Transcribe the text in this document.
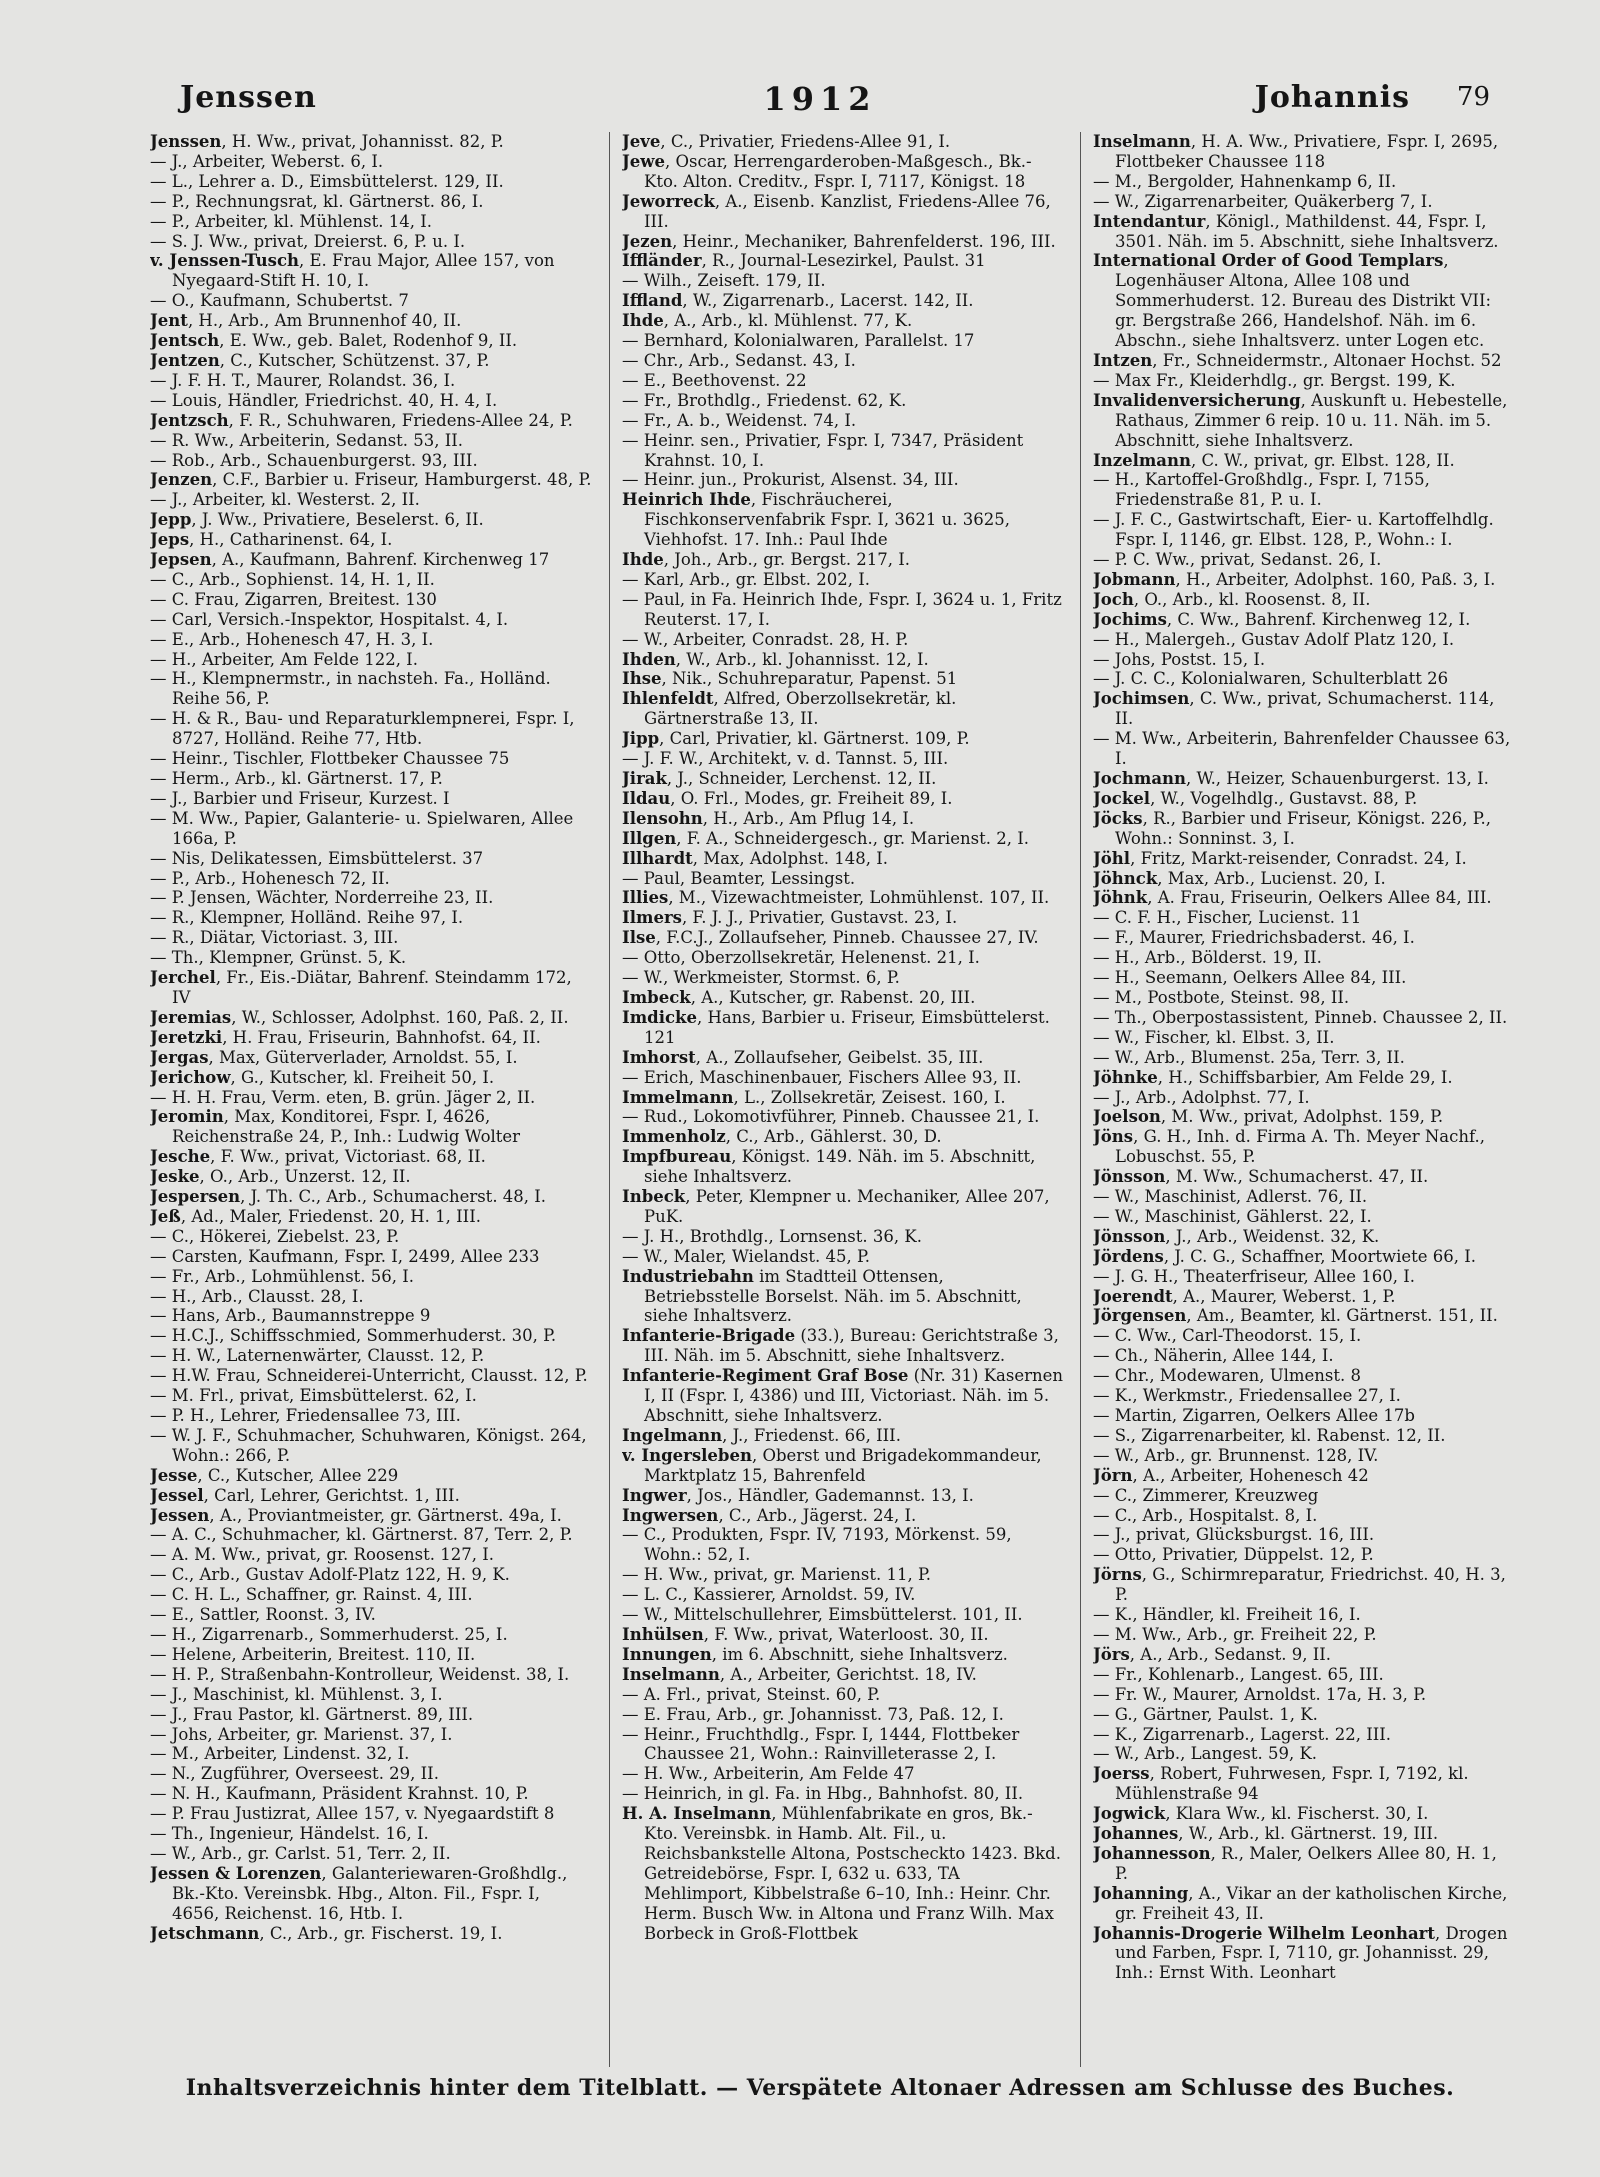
Jenssen	1912	Johannis 79
Jenssen, H. Ww., privat, Johannisst. 82, P.
— J., Arbeiter, Weberst. 6, I.
— L., Lehrer a. D., Eimsbüttelerst. 129, II.
— P., Rechnungsrat, kl. Gärtnerst. 86, I.
— P., Arbeiter, kl. Mühlenst. 14, I.
— S. J. Ww., privat, Dreierst. 6, P. u. I.
v. Jenssen-Tusch, E. Frau Major, Allee 157, von Nyegaard-Stift H. 10, I.
— O., Kaufmann, Schubertst. 7
Jent, H., Arb., Am Brunnenhof 40, II.
Jentsch, E. Ww., geb. Balet, Rodenhof 9, II.
Jentzen, C., Kutscher, Schützenst. 37, P.
— J. F. H. T., Maurer, Rolandst. 36, I.
— Louis, Händler, Friedrichst. 40, H. 4, I.
Jentzsch, F. R., Schuhwaren, Friedens-Allee 24, P.
— R. Ww., Arbeiterin, Sedanst. 53, II.
— Rob., Arb., Schauenburgerst. 93, III.
Jenzen, C.F., Barbier u. Friseur, Hamburgerst. 48, P.
— J., Arbeiter, kl. Westerst. 2, II.
Jepp, J. Ww., Privatiere, Beselerst. 6, II.
Jeps, H., Catharinenst. 64, I.
Jepsen, A., Kaufmann, Bahrenf. Kirchenweg 17
— C., Arb., Sophienst. 14, H. 1, II.
— C. Frau, Zigarren, Breitest. 130
— Carl, Versich.-Inspektor, Hospitalst. 4, I.
— E., Arb., Hohenesch 47, H. 3, I.
— H., Arbeiter, Am Felde 122, I.
— H., Klempnermstr., in nachsteh. Fa., Holländ. Reihe 56, P.
— H. & R., Bau- und Reparaturklempnerei, Fspr. I, 8727, Holländ. Reihe 77, Htb.
— Heinr., Tischler, Flottbeker Chaussee 75
— Herm., Arb., kl. Gärtnerst. 17, P.
— J., Barbier und Friseur, Kurzest. I
— M. Ww., Papier, Galanterie- u. Spielwaren, Allee 166a, P.
— Nis, Delikatessen, Eimsbüttelerst. 37
— P., Arb., Hohenesch 72, II.
— P. Jensen, Wächter, Norderreihe 23, II.
— R., Klempner, Holländ. Reihe 97, I.
— R., Diätar, Victoriast. 3, III.
— Th., Klempner, Grünst. 5, K.
Jerchel, Fr., Eis.-Diätar, Bahrenf. Steindamm 172, IV
Jeremias, W., Schlosser, Adolphst. 160, Paß. 2, II.
Jeretzki, H. Frau, Friseurin, Bahnhofst. 64, II.
Jergas, Max, Güterverlader, Arnoldst. 55, I.
Jerichow, G., Kutscher, kl. Freiheit 50, I.
— H. H. Frau, Verm. eten, B. grün. Jäger 2, II.
Jeromin, Max, Konditorei, Fspr. I, 4626, Reichenstraße 24, P., Inh.: Ludwig Wolter
Jesche, F. Ww., privat, Victoriast. 68, II.
Jeske, O., Arb., Unzerst. 12, II.
Jespersen, J. Th. C., Arb., Schumacherst. 48, I.
Jeß, Ad., Maler, Friedenst. 20, H. 1, III.
— C., Hökerei, Ziebelst. 23, P.
— Carsten, Kaufmann, Fspr. I, 2499, Allee 233
— Fr., Arb., Lohmühlenst. 56, I.
— H., Arb., Clausst. 28, I.
— Hans, Arb., Baumannstreppe 9
— H.C.J., Schiffsschmied, Sommerhuderst. 30, P.
— H. W., Laternenwärter, Clausst. 12, P.
— H.W. Frau, Schneiderei-Unterricht, Clausst. 12, P.
— M. Frl., privat, Eimsbüttelerst. 62, I.
— P. H., Lehrer, Friedensallee 73, III.
— W. J. F., Schuhmacher, Schuhwaren, Königst. 264, Wohn.: 266, P.
Jesse, C., Kutscher, Allee 229
Jessel, Carl, Lehrer, Gerichtst. 1, III.
Jessen, A., Proviantmeister, gr. Gärtnerst. 49a, I.
— A. C., Schuhmacher, kl. Gärtnerst. 87, Terr. 2, P.
— A. M. Ww., privat, gr. Roosenst. 127, I.
— C., Arb., Gustav Adolf-Platz 122, H. 9, K.
— C. H. L., Schaffner, gr. Rainst. 4, III.
— E., Sattler, Roonst. 3, IV.
— H., Zigarrenarb., Sommerhuderst. 25, I.
— Helene, Arbeiterin, Breitest. 110, II.
— H. P., Straßenbahn-Kontrolleur, Weidenst. 38, I.
— J., Maschinist, kl. Mühlenst. 3, I.
— J., Frau Pastor, kl. Gärtnerst. 89, III.
— Johs, Arbeiter, gr. Marienst. 37, I.
— M., Arbeiter, Lindenst. 32, I.
— N., Zugführer, Overseest. 29, II.
— N. H., Kaufmann, Präsident Krahnst. 10, P.
— P. Frau Justizrat, Allee 157, v. Nyegaardstift 8
— Th., Ingenieur, Händelst. 16, I.
— W., Arb., gr. Carlst. 51, Terr. 2, II.
Jessen & Lorenzen, Galanteriewaren-Großhdlg., Bk.-Kto. Vereinsbk. Hbg., Alton. Fil., Fspr. I, 4656, Reichenst. 16, Htb. I.
Jetschmann, C., Arb., gr. Fischerst. 19, I.
Jeve, C., Privatier, Friedens-Allee 91, I.
Jewe, Oscar, Herrengarderoben-Maßgesch., Bk.-Kto. Alton. Creditv., Fspr. I, 7117, Königst. 18
Jeworreck, A., Eisenb. Kanzlist, Friedens-Allee 76, III.
Jezen, Heinr., Mechaniker, Bahrenfelderst. 196, III.
Iffländer, R., Journal-Lesezirkel, Paulst. 31
— Wilh., Zeiseft. 179, II.
Iffland, W., Zigarrenarb., Lacerst. 142, II.
Ihde, A., Arb., kl. Mühlenst. 77, K.
— Bernhard, Kolonialwaren, Parallelst. 17
— Chr., Arb., Sedanst. 43, I.
— E., Beethovenst. 22
— Fr., Brothdlg., Friedenst. 62, K.
— Fr., A. b., Weidenst. 74, I.
— Heinr. sen., Privatier, Fspr. I, 7347, Präsident Krahnst. 10, I.
— Heinr. jun., Prokurist, Alsenst. 34, III.
Heinrich Ihde, Fischräucherei, Fischkonservenfabrik Fspr. I, 3621 u. 3625, Viehhofst. 17. Inh.: Paul Ihde
Ihde, Joh., Arb., gr. Bergst. 217, I.
— Karl, Arb., gr. Elbst. 202, I.
— Paul, in Fa. Heinrich Ihde, Fspr. I, 3624 u. 1, Fritz Reuterst. 17, I.
— W., Arbeiter, Conradst. 28, H. P.
Ihden, W., Arb., kl. Johannisst. 12, I.
Ihse, Nik., Schuhreparatur, Papenst. 51
Ihlenfeldt, Alfred, Oberzollsekretär, kl. Gärtnerstraße 13, II.
Jipp, Carl, Privatier, kl. Gärtnerst. 109, P.
— J. F. W., Architekt, v. d. Tannst. 5, III.
Jirak, J., Schneider, Lerchenst. 12, II.
Ildau, O. Frl., Modes, gr. Freiheit 89, I.
Ilensohn, H., Arb., Am Pflug 14, I.
Illgen, F. A., Schneidergesch., gr. Marienst. 2, I.
Illhardt, Max, Adolphst. 148, I.
— Paul, Beamter, Lessingst.
Illies, M., Vizewachtmeister, Lohmühlenst. 107, II.
Ilmers, F. J. J., Privatier, Gustavst. 23, I.
Ilse, F.C.J., Zollaufseher, Pinneb. Chaussee 27, IV.
— Otto, Oberzollsekretär, Helenenst. 21, I.
— W., Werkmeister, Stormst. 6, P.
Imbeck, A., Kutscher, gr. Rabenst. 20, III.
Imdicke, Hans, Barbier u. Friseur, Eimsbüttelerst. 121
Imhorst, A., Zollaufseher, Geibelst. 35, III.
— Erich, Maschinenbauer, Fischers Allee 93, II.
Immelmann, L., Zollsekretär, Zeisest. 160, I.
— Rud., Lokomotivführer, Pinneb. Chaussee 21, I.
Immenholz, C., Arb., Gählerst. 30, D.
Impfbureau, Königst. 149. Näh. im 5. Abschnitt, siehe Inhaltsverz.
Inbeck, Peter, Klempner u. Mechaniker, Allee 207, PuK.
— J. H., Brothdlg., Lornsenst. 36, K.
— W., Maler, Wielandst. 45, P.
Industriebahn im Stadtteil Ottensen, Betriebsstelle Borselst. Näh. im 5. Abschnitt, siehe Inhaltsverz.
Infanterie-Brigade (33.), Bureau: Gerichtstraße 3, III. Näh. im 5. Abschnitt, siehe Inhaltsverz.
Infanterie-Regiment Graf Bose (Nr. 31) Kasernen I, II (Fspr. I, 4386) und III, Victoriast. Näh. im 5. Abschnitt, siehe Inhaltsverz.
Ingelmann, J., Friedenst. 66, III.
v. Ingersleben, Oberst und Brigadekommandeur, Marktplatz 15, Bahrenfeld
Ingwer, Jos., Händler, Gademannst. 13, I.
Ingwersen, C., Arb., Jägerst. 24, I.
— C., Produkten, Fspr. IV, 7193, Mörkenst. 59, Wohn.: 52, I.
— H. Ww., privat, gr. Marienst. 11, P.
— L. C., Kassierer, Arnoldst. 59, IV.
— W., Mittelschullehrer, Eimsbüttelerst. 101, II.
Inhülsen, F. Ww., privat, Waterloost. 30, II.
Innungen, im 6. Abschnitt, siehe Inhaltsverz.
Inselmann, A., Arbeiter, Gerichtst. 18, IV.
— A. Frl., privat, Steinst. 60, P.
— E. Frau, Arb., gr. Johannisst. 73, Paß. 12, I.
— Heinr., Fruchthdlg., Fspr. I, 1444, Flottbeker Chaussee 21, Wohn.: Rainvilleterasse 2, I.
— H. Ww., Arbeiterin, Am Felde 47
— Heinrich, in gl. Fa. in Hbg., Bahnhofst. 80, II.
H. A. Inselmann, Mühlenfabrikate en gros, Bk.-Kto. Vereinsbk. in Hamb. Alt. Fil., u. Reichsbankstelle Altona, Postscheckto 1423. Bkd. Getreidebörse, Fspr. I, 632 u. 633, TA Mehlimport, Kibbelstraße 6–10, Inh.: Heinr. Chr. Herm. Busch Ww. in Altona und Franz Wilh. Max Borbeck in Groß-Flottbek
Inselmann, H. A. Ww., Privatiere, Fspr. I, 2695, Flottbeker Chaussee 118
— M., Bergolder, Hahnenkamp 6, II.
— W., Zigarrenarbeiter, Quäkerberg 7, I.
Intendantur, Königl., Mathildenst. 44, Fspr. I, 3501. Näh. im 5. Abschnitt, siehe Inhaltsverz.
International Order of Good Templars, Logenhäuser Altona, Allee 108 und Sommerhuderst. 12. Bureau des Distrikt VII: gr. Bergstraße 266, Handelshof. Näh. im 6. Abschn., siehe Inhaltsverz. unter Logen etc.
Intzen, Fr., Schneidermstr., Altonaer Hochst. 52
— Max Fr., Kleiderhdlg., gr. Bergst. 199, K.
Invalidenversicherung, Auskunft u. Hebestelle, Rathaus, Zimmer 6 reip. 10 u. 11. Näh. im 5. Abschnitt, siehe Inhaltsverz.
Inzelmann, C. W., privat, gr. Elbst. 128, II.
— H., Kartoffel-Großhdlg., Fspr. I, 7155, Friedenstraße 81, P. u. I.
— J. F. C., Gastwirtschaft, Eier- u. Kartoffelhdlg. Fspr. I, 1146, gr. Elbst. 128, P., Wohn.: I.
— P. C. Ww., privat, Sedanst. 26, I.
Jobmann, H., Arbeiter, Adolphst. 160, Paß. 3, I.
Joch, O., Arb., kl. Roosenst. 8, II.
Jochims, C. Ww., Bahrenf. Kirchenweg 12, I.
— H., Malergeh., Gustav Adolf Platz 120, I.
— Johs, Postst. 15, I.
— J. C. C., Kolonialwaren, Schulterblatt 26
Jochimsen, C. Ww., privat, Schumacherst. 114, II.
— M. Ww., Arbeiterin, Bahrenfelder Chaussee 63, I.
Jochmann, W., Heizer, Schauenburgerst. 13, I.
Jockel, W., Vogelhdlg., Gustavst. 88, P.
Jöcks, R., Barbier und Friseur, Königst. 226, P., Wohn.: Sonninst. 3, I.
Jöhl, Fritz, Markt-reisender, Conradst. 24, I.
Jöhnck, Max, Arb., Lucienst. 20, I.
Jöhnk, A. Frau, Friseurin, Oelkers Allee 84, III.
— C. F. H., Fischer, Lucienst. 11
— F., Maurer, Friedrichsbaderst. 46, I.
— H., Arb., Bölderst. 19, II.
— H., Seemann, Oelkers Allee 84, III.
— M., Postbote, Steinst. 98, II.
— Th., Oberpostassistent, Pinneb. Chaussee 2, II.
— W., Fischer, kl. Elbst. 3, II.
— W., Arb., Blumenst. 25a, Terr. 3, II.
Jöhnke, H., Schiffsbarbier, Am Felde 29, I.
— J., Arb., Adolphst. 77, I.
Joelson, M. Ww., privat, Adolphst. 159, P.
Jöns, G. H., Inh. d. Firma A. Th. Meyer Nachf., Lobuschst. 55, P.
Jönsson, M. Ww., Schumacherst. 47, II.
— W., Maschinist, Adlerst. 76, II.
— W., Maschinist, Gählerst. 22, I.
Jönsson, J., Arb., Weidenst. 32, K.
Jördens, J. C. G., Schaffner, Moortwiete 66, I.
— J. G. H., Theaterfriseur, Allee 160, I.
Joerendt, A., Maurer, Weberst. 1, P.
Jörgensen, Am., Beamter, kl. Gärtnerst. 151, II.
— C. Ww., Carl-Theodorst. 15, I.
— Ch., Näherin, Allee 144, I.
— Chr., Modewaren, Ulmenst. 8
— K., Werkmstr., Friedensallee 27, I.
— Martin, Zigarren, Oelkers Allee 17b
— S., Zigarrenarbeiter, kl. Rabenst. 12, II.
— W., Arb., gr. Brunnenst. 128, IV.
Jörn, A., Arbeiter, Hohenesch 42
— C., Zimmerer, Kreuzweg
— C., Arb., Hospitalst. 8, I.
— J., privat, Glücksburgst. 16, III.
— Otto, Privatier, Düppelst. 12, P.
Jörns, G., Schirmreparatur, Friedrichst. 40, H. 3, P.
— K., Händler, kl. Freiheit 16, I.
— M. Ww., Arb., gr. Freiheit 22, P.
Jörs, A., Arb., Sedanst. 9, II.
— Fr., Kohlenarb., Langest. 65, III.
— Fr. W., Maurer, Arnoldst. 17a, H. 3, P.
— G., Gärtner, Paulst. 1, K.
— K., Zigarrenarb., Lagerst. 22, III.
— W., Arb., Langest. 59, K.
Joerss, Robert, Fuhrwesen, Fspr. I, 7192, kl. Mühlenstraße 94
Jogwick, Klara Ww., kl. Fischerst. 30, I.
Johannes, W., Arb., kl. Gärtnerst. 19, III.
Johannesson, R., Maler, Oelkers Allee 80, H. 1, P.
Johanning, A., Vikar an der katholischen Kirche, gr. Freiheit 43, II.
Johannis-Drogerie Wilhelm Leonhart, Drogen und Farben, Fspr. I, 7110, gr. Johannisst. 29, Inh.: Ernst With. Leonhart
Inhaltsverzeichnis hinter dem Titelblatt. — Verspätete Altonaer Adressen am Schlusse des Buches.
